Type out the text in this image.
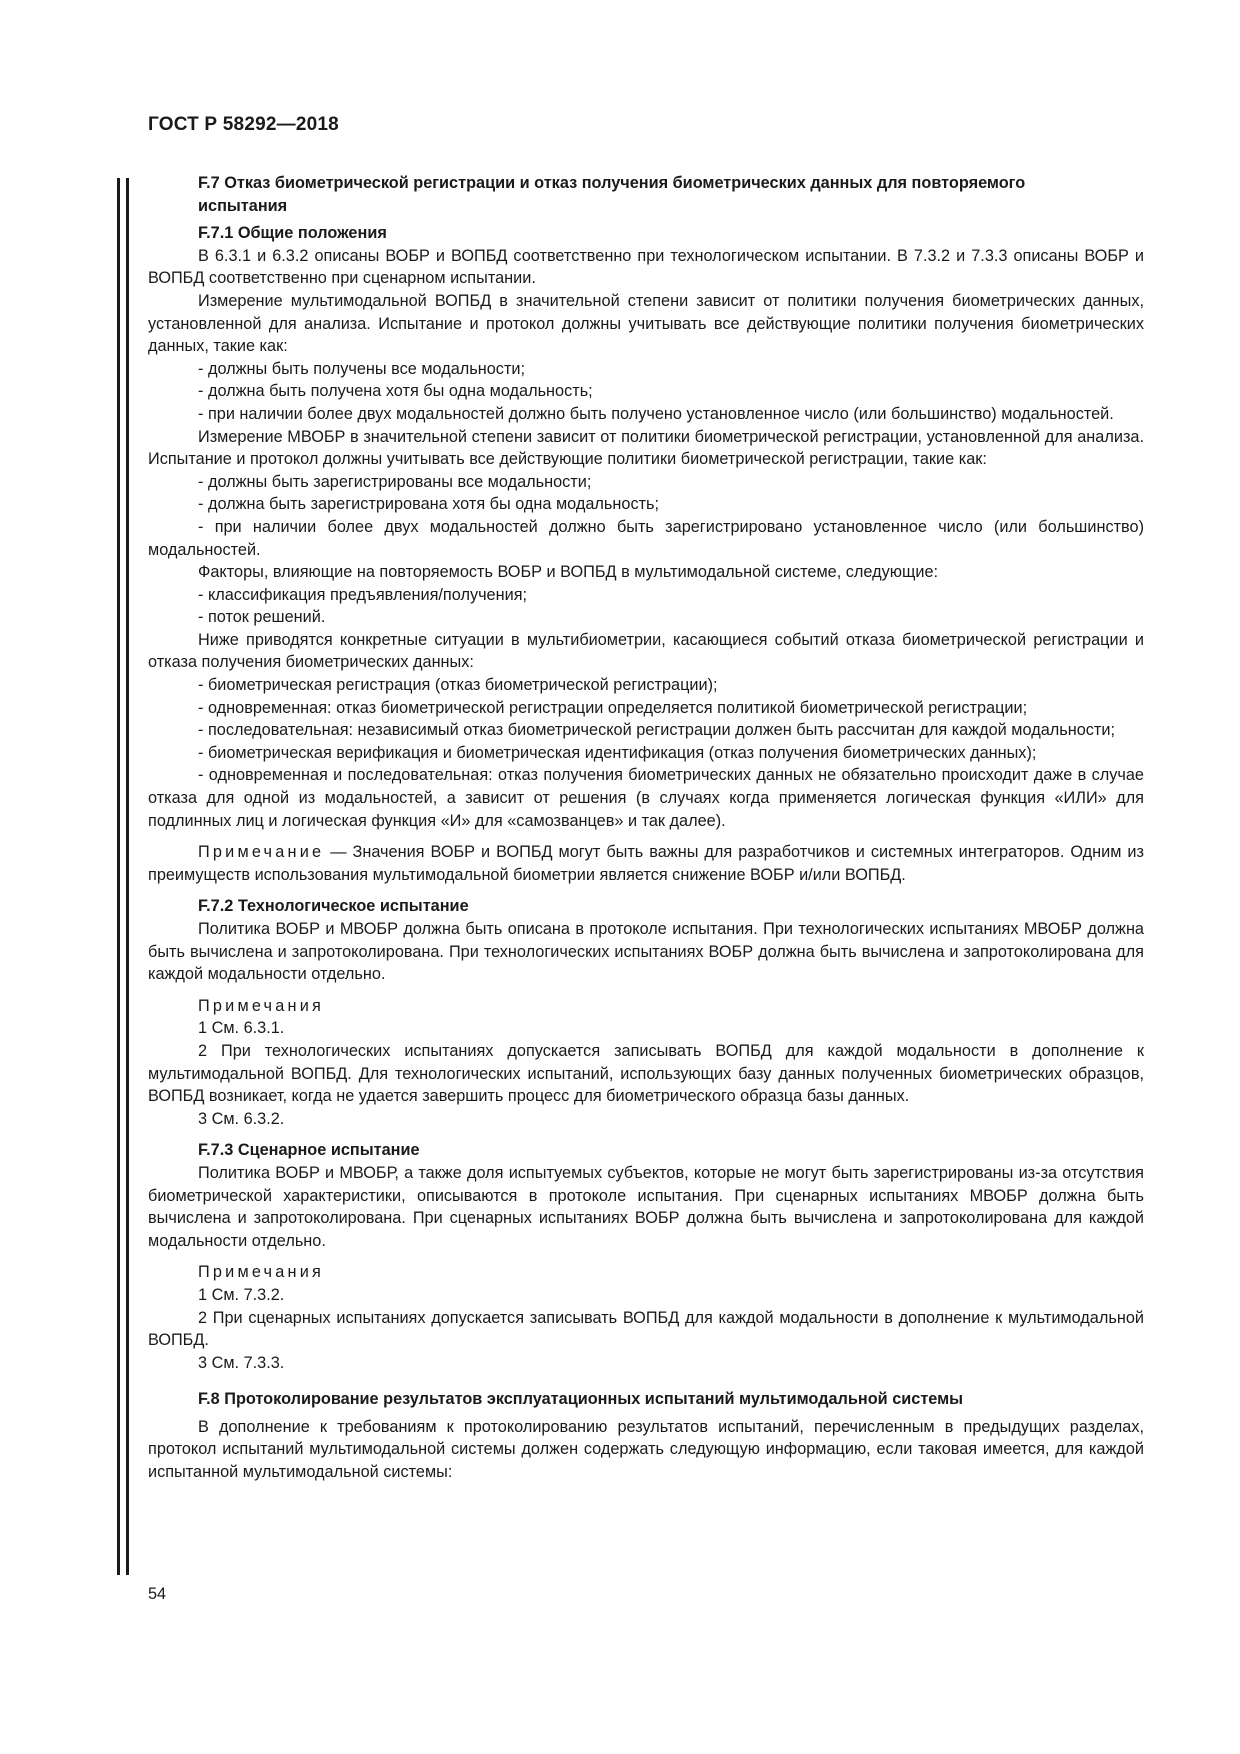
ГОСТ Р 58292—2018

F.7 Отказ биометрической регистрации и отказ получения биометрических данных для повторяемого испытания

F.7.1 Общие положения

В 6.3.1 и 6.3.2 описаны ВОБР и ВОПБД соответственно при технологическом испытании. В 7.3.2 и 7.3.3 описаны ВОБР и ВОПБД соответственно при сценарном испытании.

Измерение мультимодальной ВОПБД в значительной степени зависит от политики получения биометрических данных, установленной для анализа. Испытание и протокол должны учитывать все действующие политики получения биометрических данных, такие как:

- должны быть получены все модальности;

- должна быть получена хотя бы одна модальность;

- при наличии более двух модальностей должно быть получено установленное число (или большинство) модальностей.

Измерение МВОБР в значительной степени зависит от политики биометрической регистрации, установленной для анализа. Испытание и протокол должны учитывать все действующие политики биометрической регистрации, такие как:

- должны быть зарегистрированы все модальности;

- должна быть зарегистрирована хотя бы одна модальность;

- при наличии более двух модальностей должно быть зарегистрировано установленное число (или большинство) модальностей.

Факторы, влияющие на повторяемость ВОБР и ВОПБД в мультимодальной системе, следующие:

- классификация предъявления/получения;

- поток решений.

Ниже приводятся конкретные ситуации в мультибиометрии, касающиеся событий отказа биометрической регистрации и отказа получения биометрических данных:

- биометрическая регистрация (отказ биометрической регистрации);

- одновременная: отказ биометрической регистрации определяется политикой биометрической регистрации;

- последовательная: независимый отказ биометрической регистрации должен быть рассчитан для каждой модальности;

- биометрическая верификация и биометрическая идентификация (отказ получения биометрических данных);

- одновременная и последовательная: отказ получения биометрических данных не обязательно происходит даже в случае отказа для одной из модальностей, а зависит от решения (в случаях когда применяется логическая функция «ИЛИ» для подлинных лиц и логическая функция «И» для «самозванцев» и так далее).

Примечание — Значения ВОБР и ВОПБД могут быть важны для разработчиков и системных интеграторов. Одним из преимуществ использования мультимодальной биометрии является снижение ВОБР и/или ВОПБД.

F.7.2 Технологическое испытание

Политика ВОБР и МВОБР должна быть описана в протоколе испытания. При технологических испытаниях МВОБР должна быть вычислена и запротоколирована. При технологических испытаниях ВОБР должна быть вычислена и запротоколирована для каждой модальности отдельно.

Примечания

1 См. 6.3.1.

2 При технологических испытаниях допускается записывать ВОПБД для каждой модальности в дополнение к мультимодальной ВОПБД. Для технологических испытаний, использующих базу данных полученных биометрических образцов, ВОПБД возникает, когда не удается завершить процесс для биометрического образца базы данных.

3 См. 6.3.2.

F.7.3 Сценарное испытание

Политика ВОБР и МВОБР, а также доля испытуемых субъектов, которые не могут быть зарегистрированы из-за отсутствия биометрической характеристики, описываются в протоколе испытания. При сценарных испытаниях МВОБР должна быть вычислена и запротоколирована. При сценарных испытаниях ВОБР должна быть вычислена и запротоколирована для каждой модальности отдельно.

Примечания

1 См. 7.3.2.

2 При сценарных испытаниях допускается записывать ВОПБД для каждой модальности в дополнение к мультимодальной ВОПБД.

3 См. 7.3.3.

F.8 Протоколирование результатов эксплуатационных испытаний мультимодальной системы

В дополнение к требованиям к протоколированию результатов испытаний, перечисленным в предыдущих разделах, протокол испытаний мультимодальной системы должен содержать следующую информацию, если таковая имеется, для каждой испытанной мультимодальной системы:

54
